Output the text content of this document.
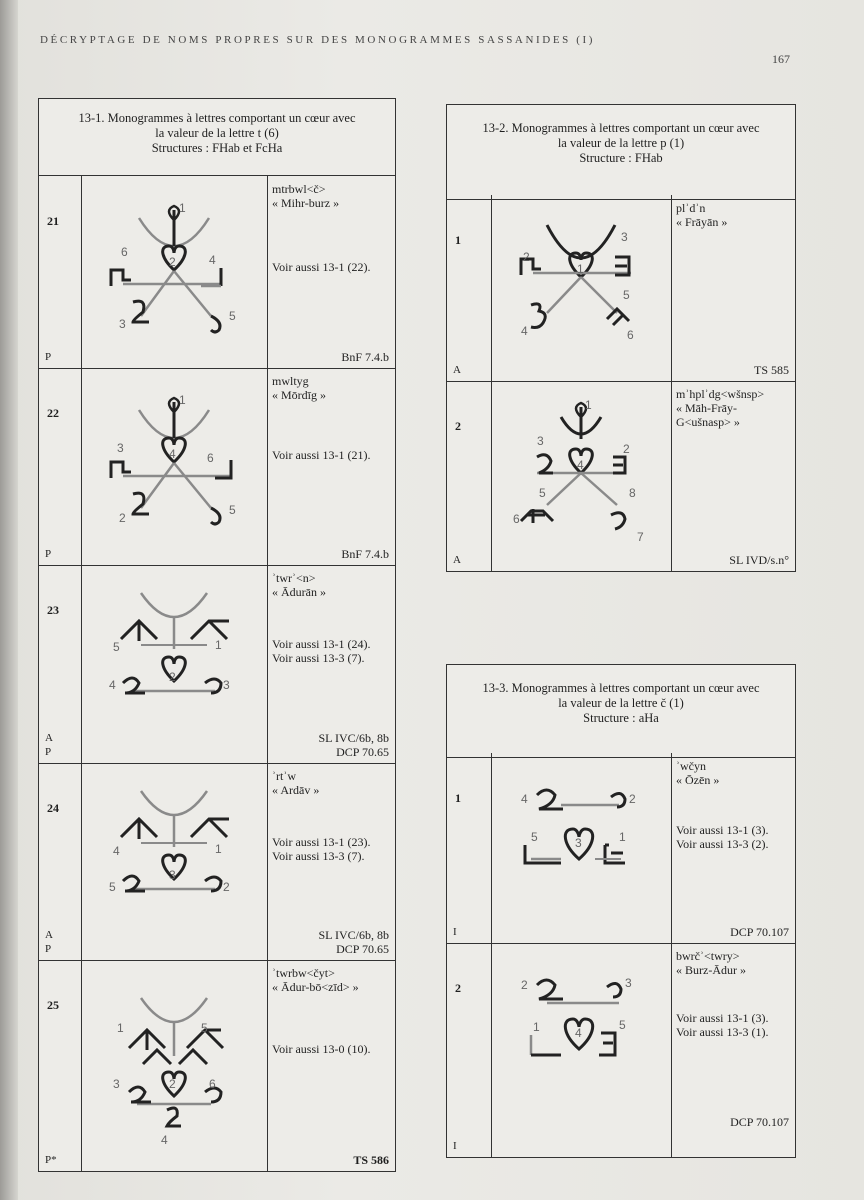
DÉCRYPTAGE DE NOMS PROPRES SUR DES MONOGRAMMES SASSANIDES (I)
167
13-1. Monogrammes à lettres comportant un cœur avec
la valeur de la lettre t (6)
Structures : FHab et FcHa
21
P
1
2	4
6
3
5
mtrbwl<č>
« Mihr-burz »
Voir aussi 13-1 (22).
BnF 7.4.b
22
P
1
4
3
6
2
5
mwltyg
« Mōrdīg »
Voir aussi 13-1 (21).
BnF 7.4.b
23
A
P
5	1
2
4	3
ʾtwrʾ<n>
« Ādurān »
Voir aussi 13-1 (24).
Voir aussi 13-3 (7).
SL IVC/6b, 8b
DCP 70.65
24
A
P
4	1
3
5	2
ʾrtʾw
« Ardāv »
Voir aussi 13-1 (23).
Voir aussi 13-3 (7).
SL IVC/6b, 8b
DCP 70.65
25
P*
1	5
2
3	6
4
ʾtwrbw<čyt>
« Ādur-bō<zīd> »
Voir aussi 13-0 (10).
TS 586
13-2. Monogrammes à lettres comportant un cœur avec
la valeur de la lettre p (1)
Structure : FHab
1
A
3
1
2
5
4	6
plʾdʾn
« Frāyān »
TS 585
2
A
1
3
4
2
5	8
6
7
mʾhplʾdg<wšnsp>
« Māh-Frāy-
G<ušnasp> »
SL IVD/s.n°
13-3. Monogrammes à lettres comportant un cœur avec
la valeur de la lettre č (1)
Structure : aHa
1
I
4	2
5	3	1
ʾwčyn
« Ōzēn »
Voir aussi 13-1 (3).
Voir aussi 13-3 (2).
DCP 70.107
2
I
2	3
1	4
5
bwrčʾ<twry>
« Burz-Ādur »
Voir aussi 13-1 (3).
Voir aussi 13-3 (1).
DCP 70.107
